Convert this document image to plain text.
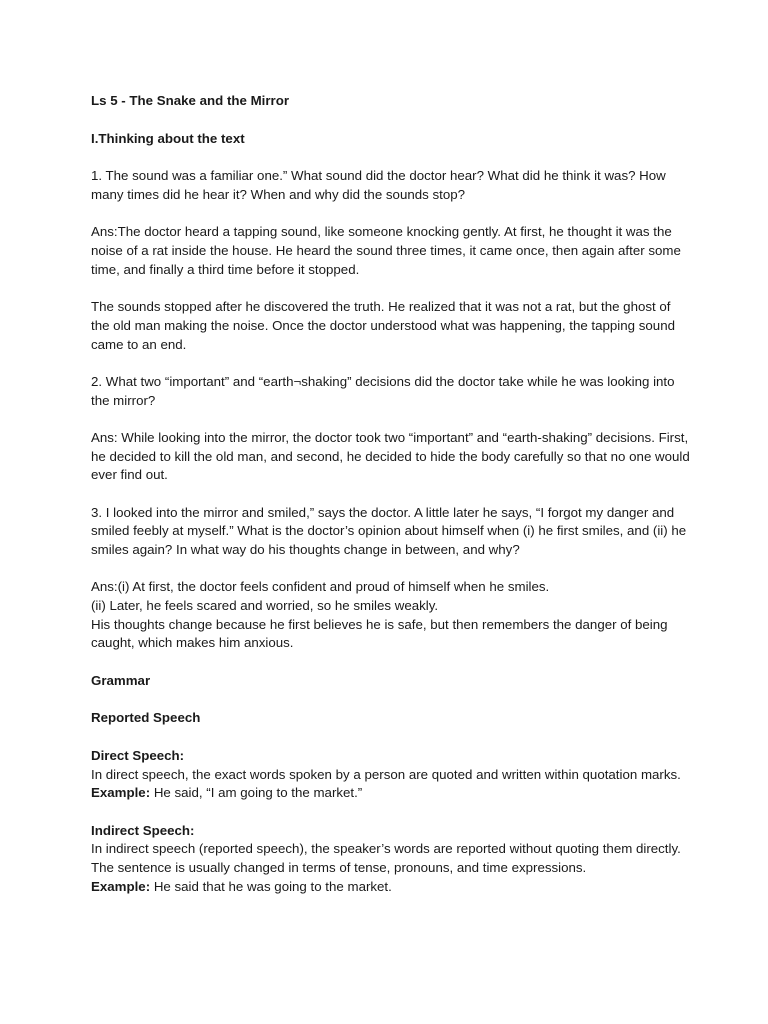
Ls 5 - The Snake and the Mirror
I.Thinking about the text

1. The sound was a familiar one.” What sound did the doctor hear? What did he think it was? How many times did he hear it? When and why did the sounds stop?

Ans:The doctor heard a tapping sound, like someone knocking gently. At first, he thought it was the noise of a rat inside the house. He heard the sound three times, it came once, then again after some time, and finally a third time before it stopped.

The sounds stopped after he discovered the truth. He realized that it was not a rat, but the ghost of the old man making the noise. Once the doctor understood what was happening, the tapping sound came to an end.

2. What two “important” and “earth¬shaking” decisions did the doctor take while he was looking into the mirror?

Ans: While looking into the mirror, the doctor took two “important” and “earth-shaking” decisions. First, he decided to kill the old man, and second, he decided to hide the body carefully so that no one would ever find out.

3. I looked into the mirror and smiled,” says the doctor. A little later he says, “I forgot my danger and smiled feebly at myself.” What is the doctor’s opinion about himself when (i) he first smiles, and (ii) he smiles again? In what way do his thoughts change in between, and why?

Ans:(i) At first, the doctor feels confident and proud of himself when he smiles.
(ii) Later, he feels scared and worried, so he smiles weakly.
His thoughts change because he first believes he is safe, but then remembers the danger of being caught, which makes him anxious.

Grammar
Reported Speech

Direct Speech:
In direct speech, the exact words spoken by a person are quoted and written within quotation marks.
Example: He said, “I am going to the market.”

Indirect Speech:
In indirect speech (reported speech), the speaker’s words are reported without quoting them directly. The sentence is usually changed in terms of tense, pronouns, and time expressions.
Example: He said that he was going to the market.
